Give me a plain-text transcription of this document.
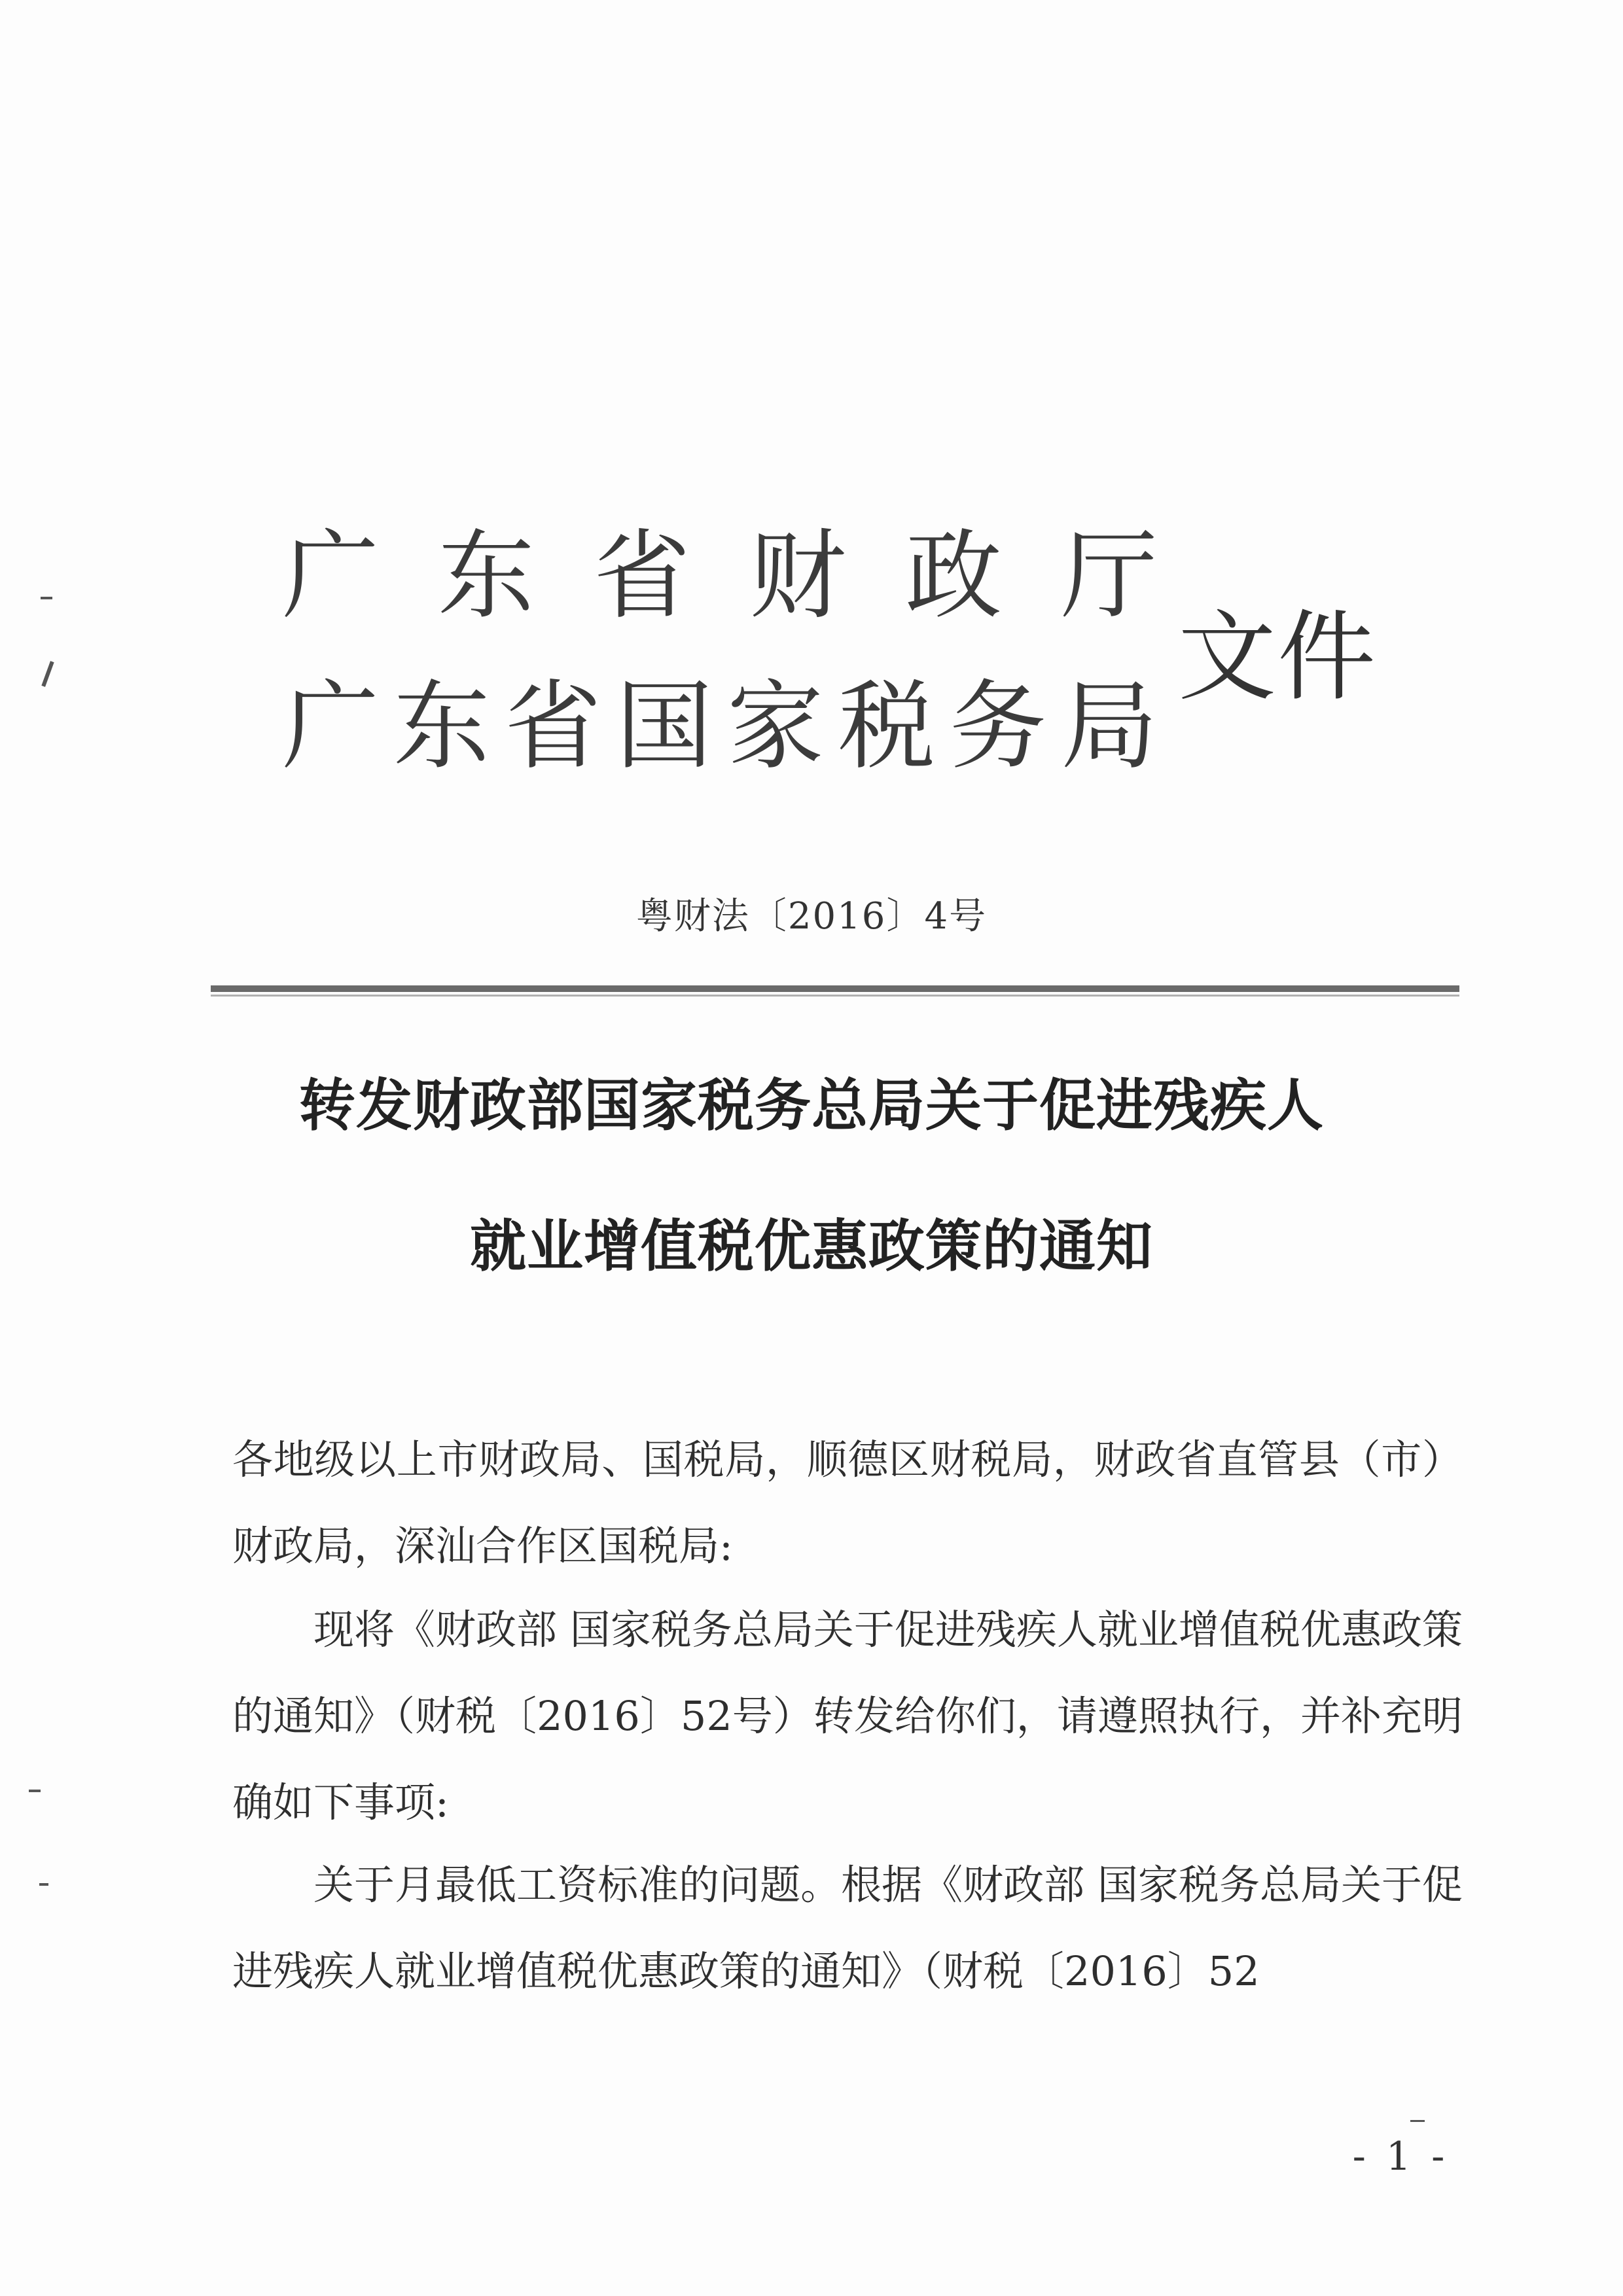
广 东 省 财 政 厅
广 东 省 国 家 税 务 局
文件
粤财法〔2016〕4号
转发财政部国家税务总局关于促进残疾人
就业增值税优惠政策的通知
各地级以上市财政局、国税局，顺德区财税局，财政省直管县（市）财政局，深汕合作区国税局:
现将《财政部 国家税务总局关于促进残疾人就业增值税优惠政策的通知》（财税〔2016〕52号）转发给你们，请遵照执行，并补充明确如下事项:
关于月最低工资标准的问题。根据《财政部 国家税务总局关于促进残疾人就业增值税优惠政策的通知》（财税〔2016〕52
- 1 -
